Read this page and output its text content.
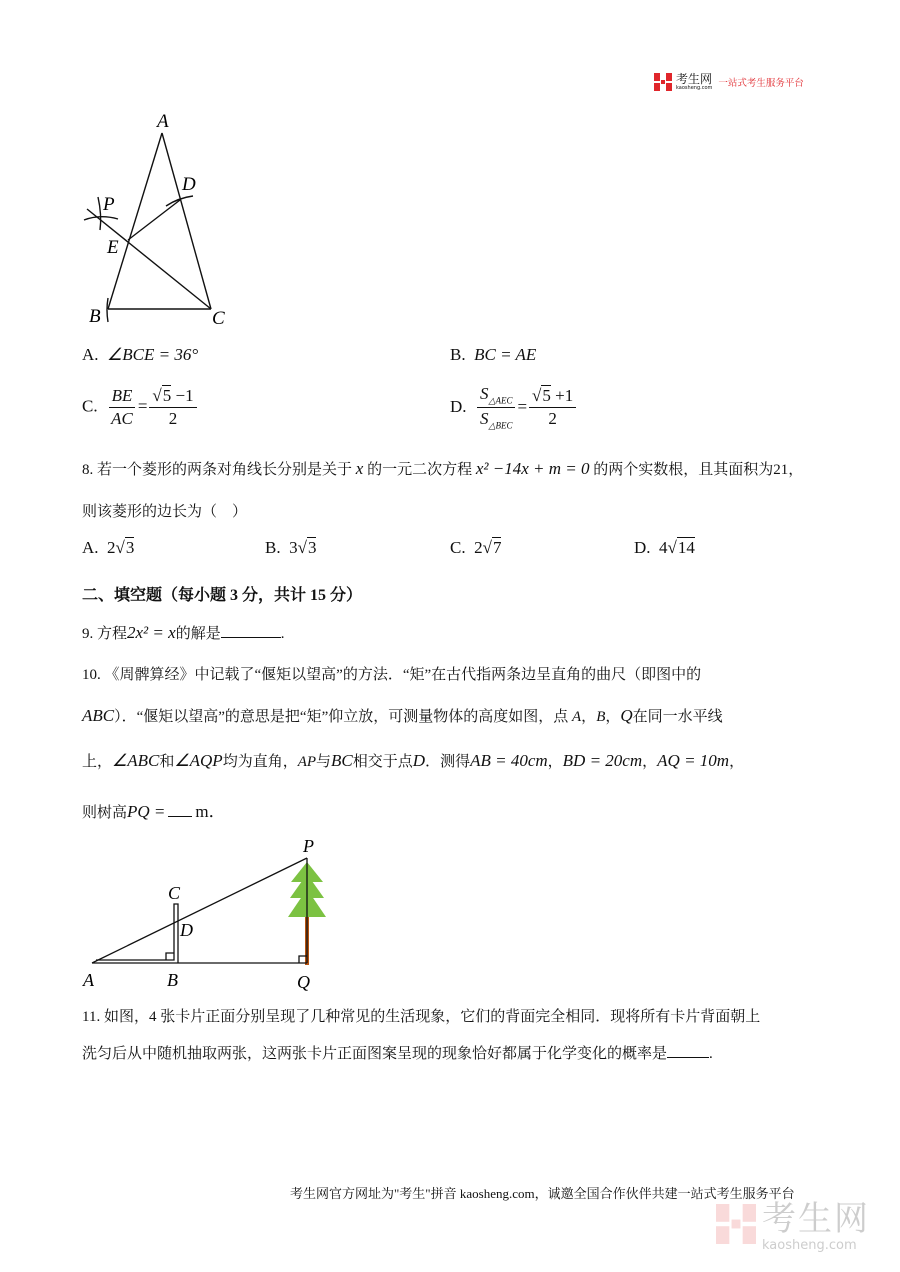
考生网
kaosheng.com 一站式考生服务平台
A
D
P
E
B	C
A. ∠BCE = 36°	B. BC = AE
C. $\frac{BE}{AC} = \frac{√5 -1}{2}$	D. $\frac{S_{\triangle AEC}}{S_{\triangle BEC}} = \frac{√5 +1}{2}$
8. 若一个菱形的两条对角线长分别是关于 x 的一元二次方程 x² −14x + m = 0 的两个实数根，且其面积为21，
则该菱形的边长为（　）
A. 2√3	B. 3√3	C. 2√7	D. 4√14
二、填空题（每小题 3 分，共计 15 分）
9. 方程2x² = x的解是	.
10. 《周髀算经》中记载了“偃矩以望高”的方法．“矩”在古代指两条边呈直角的曲尺（即图中的
ABC）．“偃矩以望高”的意思是把“矩”仰立放，可测量物体的高度如图，点 A，B，Q在同一水平线
上，∠ABC和∠AQP均为直角，AP与BC相交于点D．测得AB = 40cm，BD = 20cm，AQ = 10m，
则树高PQ = m．
A	B
C
D
P
Q
11. 如图，4 张卡片正面分别呈现了几种常见的生活现象，它们的背面完全相同．现将所有卡片背面朝上
洗匀后从中随机抽取两张，这两张卡片正面图案呈现的现象恰好都属于化学变化的概率是	.
考生网官方网址为"考生"拼音 kaosheng.com，诚邀全国合作伙伴共建一站式考生服务平台
考生网
kaosheng.com
